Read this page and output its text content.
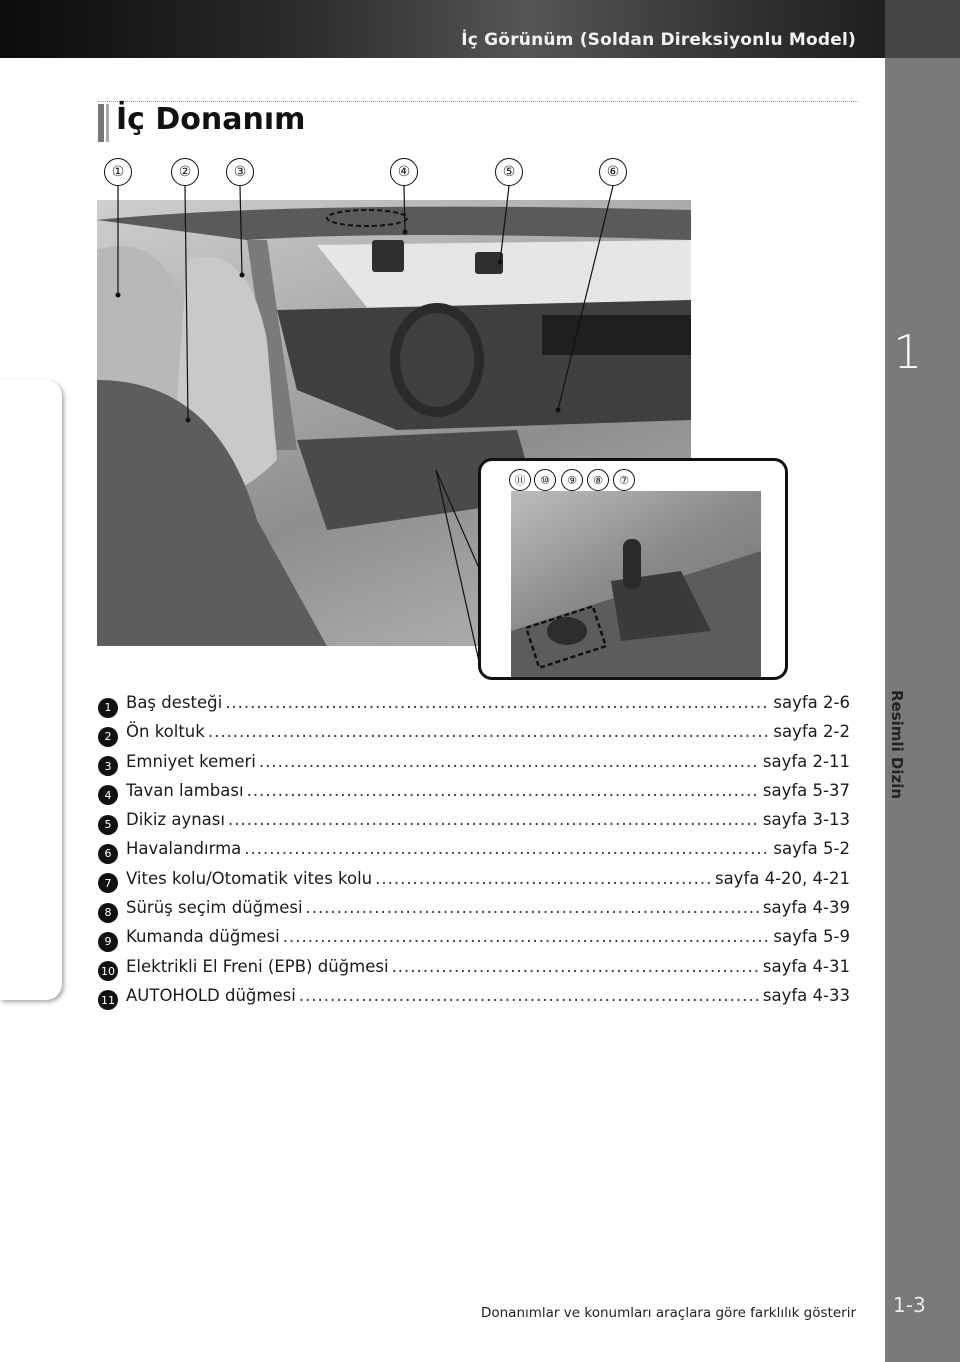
İç Görünüm (Soldan Direksiyonlu Model)
1
Resimli Dizin
İç Donanım
①	②	③	④	⑤	⑥
⑪	⑩	⑨	⑧	⑦
1 Baş desteği .....	sayfa 2-6
2 Ön koltuk .....	sayfa 2-2
3 Emniyet kemeri .....	sayfa 2-11
4 Tavan lambası .....	sayfa 5-37
5 Dikiz aynası .....	sayfa 3-13
6 Havalandırma .....	sayfa 5-2
7 Vites kolu/Otomatik vites kolu .....	sayfa 4-20, 4-21
8 Sürüş seçim düğmesi .....	sayfa 4-39
9 Kumanda düğmesi .....	sayfa 5-9
10 Elektrikli El Freni (EPB) düğmesi .....	sayfa 4-31
11 AUTOHOLD düğmesi .....	sayfa 4-33
Donanımlar ve konumları araçlara göre farklılık gösterir 1-3
